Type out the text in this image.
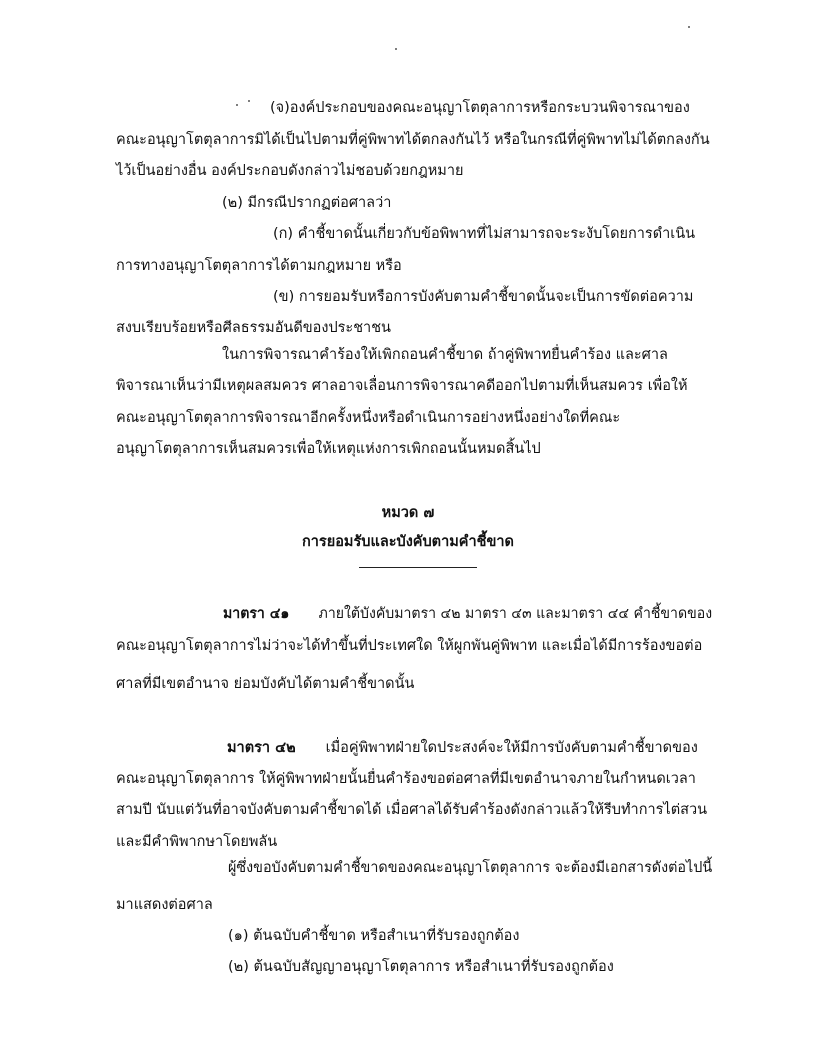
(จ)องค์ประกอบของคณะอนุญาโตตุลาการหรือกระบวนพิจารณาของ
คณะอนุญาโตตุลาการมิได้เป็นไปตามที่คู่พิพาทได้ตกลงกันไว้ หรือในกรณีที่คู่พิพาทไม่ได้ตกลงกัน
ไว้เป็นอย่างอื่น องค์ประกอบดังกล่าวไม่ชอบด้วยกฎหมาย
(๒) มีกรณีปรากฏต่อศาลว่า
(ก) คำชี้ขาดนั้นเกี่ยวกับข้อพิพาทที่ไม่สามารถจะระงับโดยการดำเนิน
การทางอนุญาโตตุลาการได้ตามกฎหมาย หรือ
(ข) การยอมรับหรือการบังคับตามคำชี้ขาดนั้นจะเป็นการขัดต่อความ
สงบเรียบร้อยหรือศีลธรรมอันดีของประชาชน
ในการพิจารณาคำร้องให้เพิกถอนคำชี้ขาด ถ้าคู่พิพาทยื่นคำร้อง และศาล
พิจารณาเห็นว่ามีเหตุผลสมควร ศาลอาจเลื่อนการพิจารณาคดีออกไปตามที่เห็นสมควร เพื่อให้
คณะอนุญาโตตุลาการพิจารณาอีกครั้งหนึ่งหรือดำเนินการอย่างหนึ่งอย่างใดที่คณะ
อนุญาโตตุลาการเห็นสมควรเพื่อให้เหตุแห่งการเพิกถอนนั้นหมดสิ้นไป
หมวด ๗
การยอมรับและบังคับตามคำชี้ขาด
มาตรา ๔๑ ภายใต้บังคับมาตรา ๔๒ มาตรา ๔๓ และมาตรา ๔๔ คำชี้ขาดของ
คณะอนุญาโตตุลาการไม่ว่าจะได้ทำขึ้นที่ประเทศใด ให้ผูกพันคู่พิพาท และเมื่อได้มีการร้องขอต่อ
ศาลที่มีเขตอำนาจ ย่อมบังคับได้ตามคำชี้ขาดนั้น
มาตรา ๔๒ เมื่อคู่พิพาทฝ่ายใดประสงค์จะให้มีการบังคับตามคำชี้ขาดของ
คณะอนุญาโตตุลาการ ให้คู่พิพาทฝ่ายนั้นยื่นคำร้องขอต่อศาลที่มีเขตอำนาจภายในกำหนดเวลา
สามปี นับแต่วันที่อาจบังคับตามคำชี้ขาดได้ เมื่อศาลได้รับคำร้องดังกล่าวแล้วให้รีบทำการไต่สวน
และมีคำพิพากษาโดยพลัน
ผู้ซึ่งขอบังคับตามคำชี้ขาดของคณะอนุญาโตตุลาการ จะต้องมีเอกสารดังต่อไปนี้
มาแสดงต่อศาล
(๑) ต้นฉบับคำชี้ขาด หรือสำเนาที่รับรองถูกต้อง
(๒) ต้นฉบับสัญญาอนุญาโตตุลาการ หรือสำเนาที่รับรองถูกต้อง
